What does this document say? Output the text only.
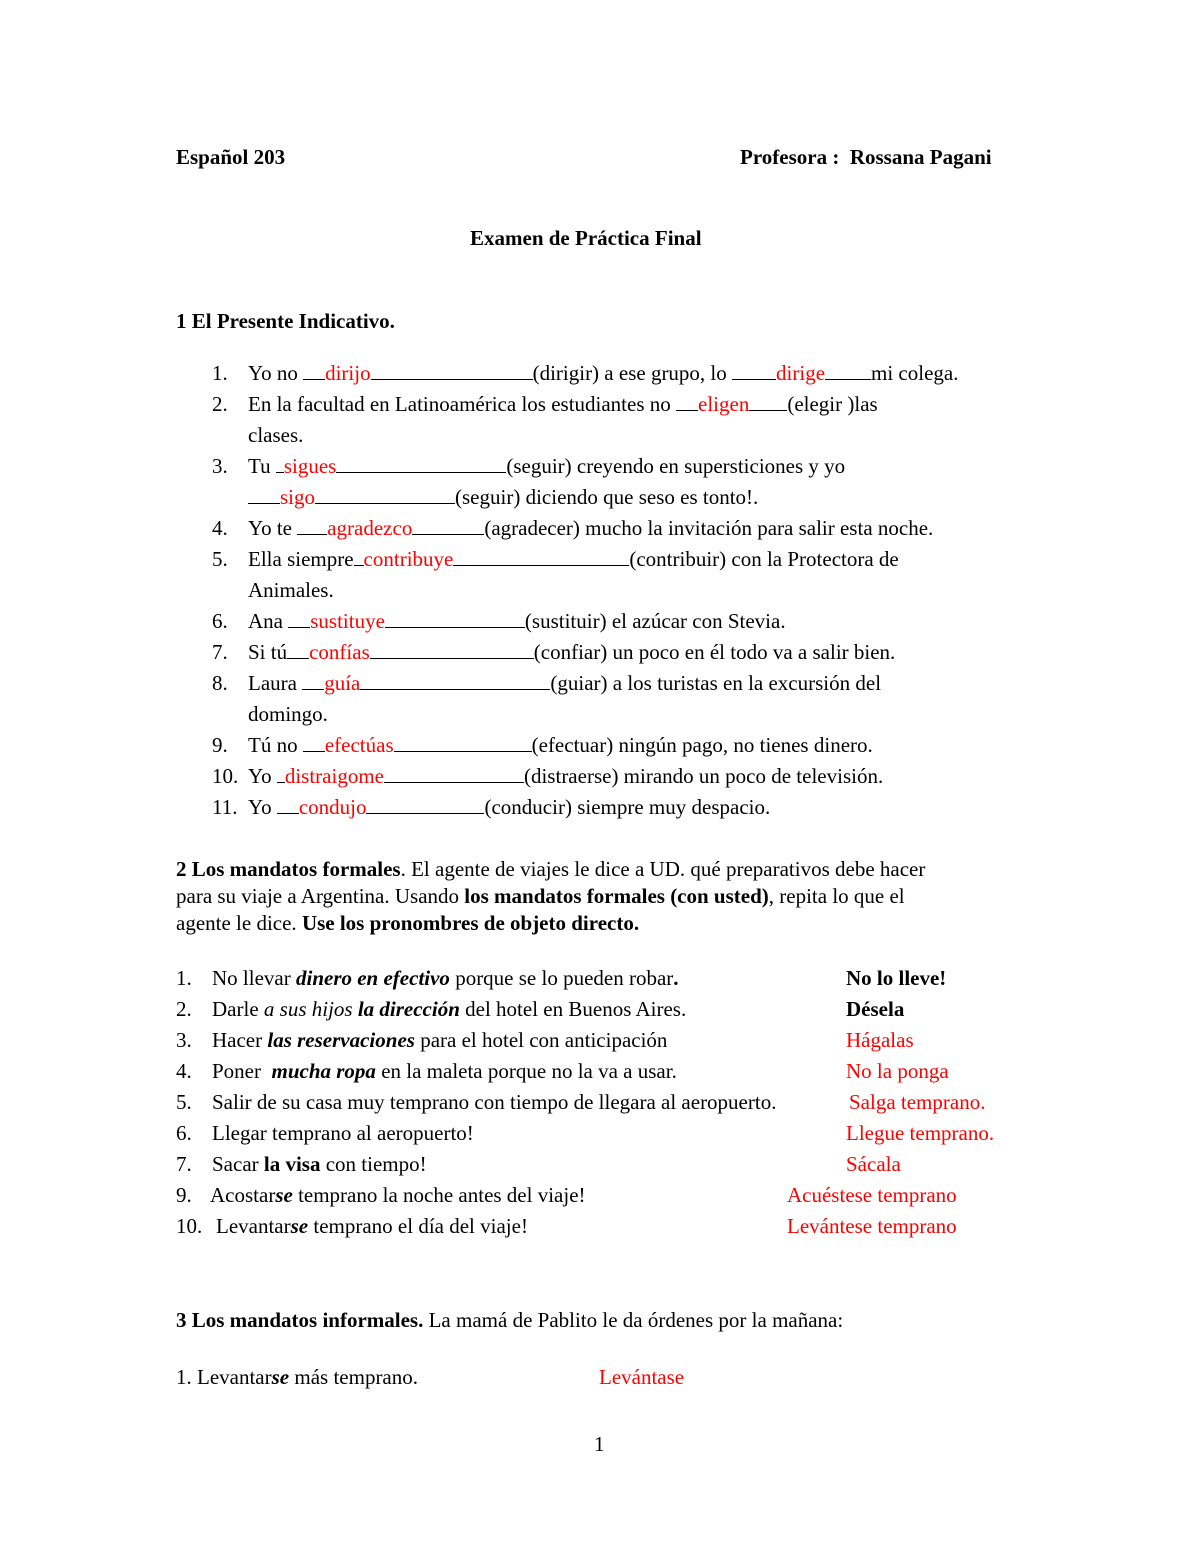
Español 203	Profesora : Rossana Pagani
Examen de Práctica Final
1 El Presente Indicativo.
1. Yo no dirijo	(dirigir) a ese grupo, lo dirige mi colega.
2. En la facultad en Latinoamérica los estudiantes no eligen (elegir )las
clases.
3. Tu sigues	(seguir) creyendo en supersticiones y yo
sigo	(seguir) diciendo que seso es tonto!.
4. Yo te agradezco	(agradecer) mucho la invitación para salir esta noche.
5. Ella siempre contribuye	(contribuir) con la Protectora de
Animales.
6. Ana sustituye	(sustituir) el azúcar con Stevia.
7. Si tú confías	(confiar) un poco en él todo va a salir bien.
8. Laura guía	(guiar) a los turistas en la excursión del
domingo.
9. Tú no efectúas	(efectuar) ningún pago, no tienes dinero.
10. Yo distraigome	(distraerse) mirando un poco de televisión.
11. Yo condujo	(conducir) siempre muy despacio.
2 Los mandatos formales. El agente de viajes le dice a UD. qué preparativos debe hacer
para su viaje a Argentina. Usando los mandatos formales (con usted), repita lo que el
agente le dice. Use los pronombres de objeto directo.
1. No llevar dinero en efectivo porque se lo pueden robar.	No lo lleve!
2. Darle a sus hijos la dirección del hotel en Buenos Aires.	Désela
3. Hacer las reservaciones para el hotel con anticipación	Hágalas
4. Poner  mucha ropa en la maleta porque no la va a usar.	No la ponga
5. Salir de su casa muy temprano con tiempo de llegara al aeropuerto.	Salga temprano.
6. Llegar temprano al aeropuerto!	Llegue temprano.
7. Sacar la visa con tiempo!	Sácala
9. Acostarse temprano la noche antes del viaje!	Acuéstese temprano
10. Levantarse temprano el día del viaje!	Levántese temprano
3 Los mandatos informales. La mamá de Pablito le da órdenes por la mañana:
1. Levantarse más temprano.	Levántase
1
